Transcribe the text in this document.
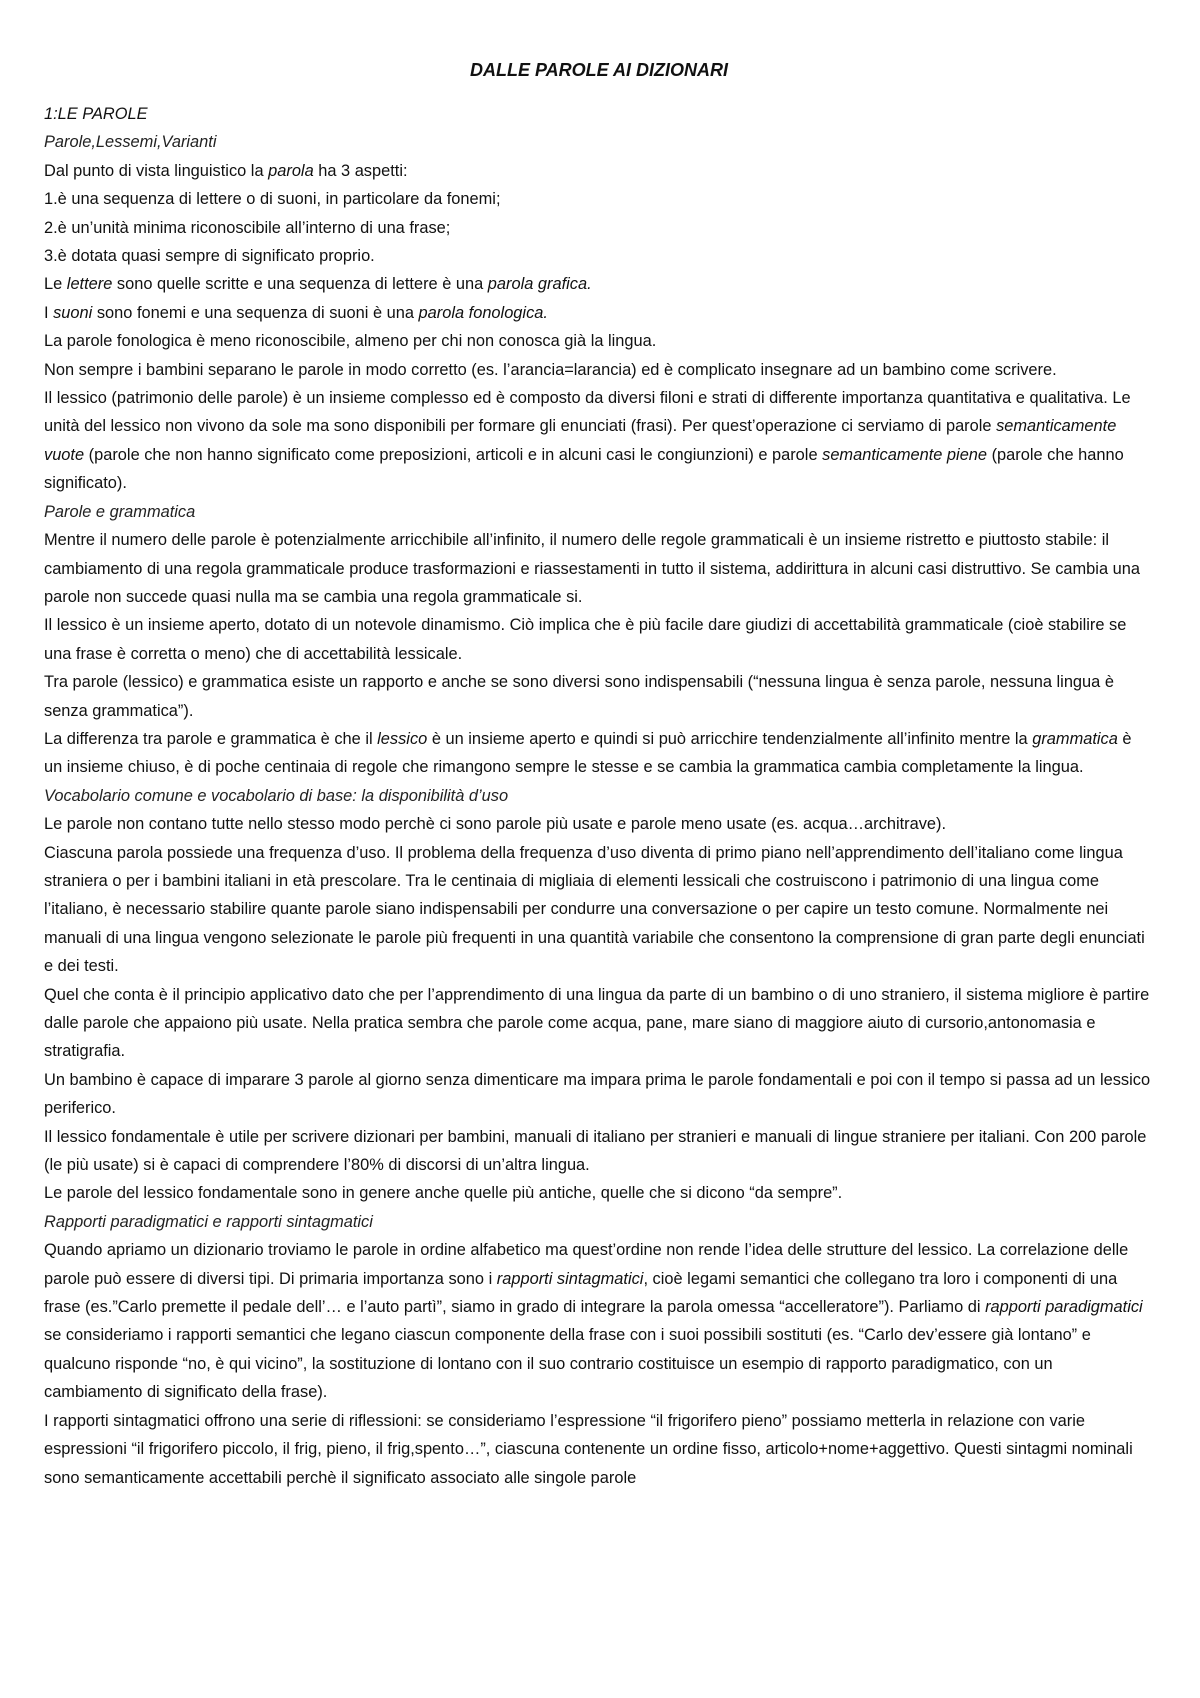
DALLE PAROLE AI DIZIONARI

1:LE PAROLE

Parole,Lessemi,Varianti

Dal punto di vista linguistico la parola ha 3 aspetti:

1.è una sequenza di lettere o di suoni, in particolare da fonemi;

2.è un’unità minima riconoscibile all’interno di una frase;

3.è dotata quasi sempre di significato proprio.

Le lettere sono quelle scritte e una sequenza di lettere è una parola grafica.

I suoni sono fonemi e una sequenza di suoni è una parola fonologica.

La parole fonologica è meno riconoscibile, almeno per chi non conosca già la lingua.

Non sempre i bambini separano le parole in modo corretto (es. l’arancia=larancia) ed è complicato insegnare ad un bambino come scrivere.

Il lessico (patrimonio delle parole) è un insieme complesso ed è composto da diversi filoni e strati di differente importanza quantitativa e qualitativa. Le unità del lessico non vivono da sole ma sono disponibili per formare gli enunciati (frasi). Per quest’operazione ci serviamo di parole semanticamente vuote (parole che non hanno significato come preposizioni, articoli e in alcuni casi le congiunzioni) e parole semanticamente piene (parole che hanno significato).

Parole e grammatica

Mentre il numero delle parole è potenzialmente arricchibile all’infinito, il numero delle regole grammaticali è un insieme ristretto e piuttosto stabile: il cambiamento di una regola grammaticale produce trasformazioni e riassestamenti in tutto il sistema, addirittura in alcuni casi distruttivo. Se cambia una parole non succede quasi nulla ma se cambia una regola grammaticale si.

Il lessico è un insieme aperto, dotato di un notevole dinamismo. Ciò implica che è più facile dare giudizi di accettabilità grammaticale (cioè stabilire se una frase è corretta o meno) che di accettabilità lessicale.

Tra parole (lessico) e grammatica esiste un rapporto e anche se sono diversi sono indispensabili (“nessuna lingua è senza parole, nessuna lingua è senza grammatica”).

La differenza tra parole e grammatica è che il lessico è un insieme aperto e quindi si può arricchire tendenzialmente all’infinito mentre la grammatica è un insieme chiuso, è di poche centinaia di regole che rimangono sempre le stesse e se cambia la grammatica cambia completamente la lingua.

Vocabolario comune e vocabolario di base: la disponibilità d’uso

Le parole non contano tutte nello stesso modo perchè ci sono parole più usate e parole meno usate (es. acqua…architrave).

Ciascuna parola possiede una frequenza d’uso. Il problema della frequenza d’uso diventa di primo piano nell’apprendimento dell’italiano come lingua straniera o per i bambini italiani in età prescolare. Tra le centinaia di migliaia di elementi lessicali che costruiscono i patrimonio di una lingua come l’italiano, è necessario stabilire quante parole siano indispensabili per condurre una conversazione o per capire un testo comune. Normalmente nei manuali di una lingua vengono selezionate le parole più frequenti in una quantità variabile che consentono la comprensione di gran parte degli enunciati e dei testi.

Quel che conta è il principio applicativo dato che per l’apprendimento di una lingua da parte di un bambino o di uno straniero, il sistema migliore è partire dalle parole che appaiono più usate. Nella pratica sembra che parole come acqua, pane, mare siano di maggiore aiuto di cursorio,antonomasia e stratigrafia.

Un bambino è capace di imparare 3 parole al giorno senza dimenticare ma impara prima le parole fondamentali e poi con il tempo si passa ad un lessico periferico.

Il lessico fondamentale è utile per scrivere dizionari per bambini, manuali di italiano per stranieri e manuali di lingue straniere per italiani. Con 200 parole (le più usate) si è capaci di comprendere l’80% di discorsi di un’altra lingua.

Le parole del lessico fondamentale sono in genere anche quelle più antiche, quelle che si dicono “da sempre”.

Rapporti paradigmatici e rapporti sintagmatici

Quando apriamo un dizionario troviamo le parole in ordine alfabetico ma quest’ordine non rende l’idea delle strutture del lessico. La correlazione delle parole può essere di diversi tipi. Di primaria importanza sono i rapporti sintagmatici, cioè legami semantici che collegano tra loro i componenti di una frase (es.”Carlo premette il pedale dell’… e l’auto partì”, siamo in grado di integrare la parola omessa “accelleratore”). Parliamo di rapporti paradigmatici se consideriamo i rapporti semantici che legano ciascun componente della frase con i suoi possibili sostituti (es. “Carlo dev’essere già lontano” e qualcuno risponde “no, è qui vicino”, la sostituzione di lontano con il suo contrario costituisce un esempio di rapporto paradigmatico, con un cambiamento di significato della frase).

I rapporti sintagmatici offrono una serie di riflessioni: se consideriamo l’espressione “il frigorifero pieno” possiamo metterla in relazione con varie espressioni “il frigorifero piccolo, il frig, pieno, il frig,spento…”, ciascuna contenente un ordine fisso, articolo+nome+aggettivo. Questi sintagmi nominali sono semanticamente accettabili perchè il significato associato alle singole parole
